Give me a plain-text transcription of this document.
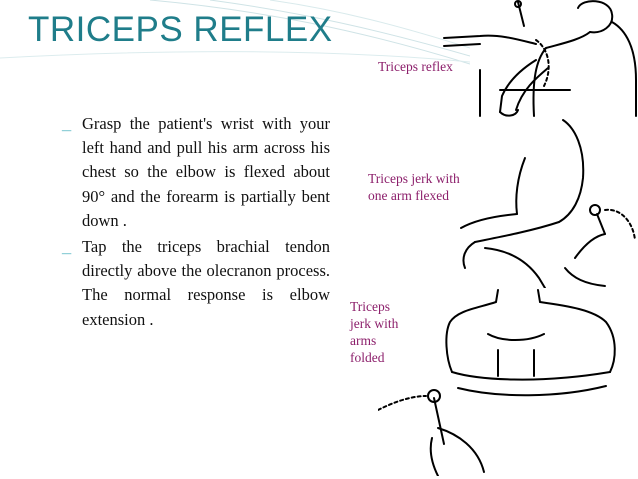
TRICEPS REFLEX
_ Grasp the patient's wrist with your left hand and pull his arm across his chest so the elbow is flexed about 90° and the forearm is partially bent down .
_ Tap the triceps brachial tendon directly above the olecranon process. The normal response is elbow extension .
Triceps reflex
Triceps jerk with
one arm flexed
Triceps
jerk with
arms
folded
